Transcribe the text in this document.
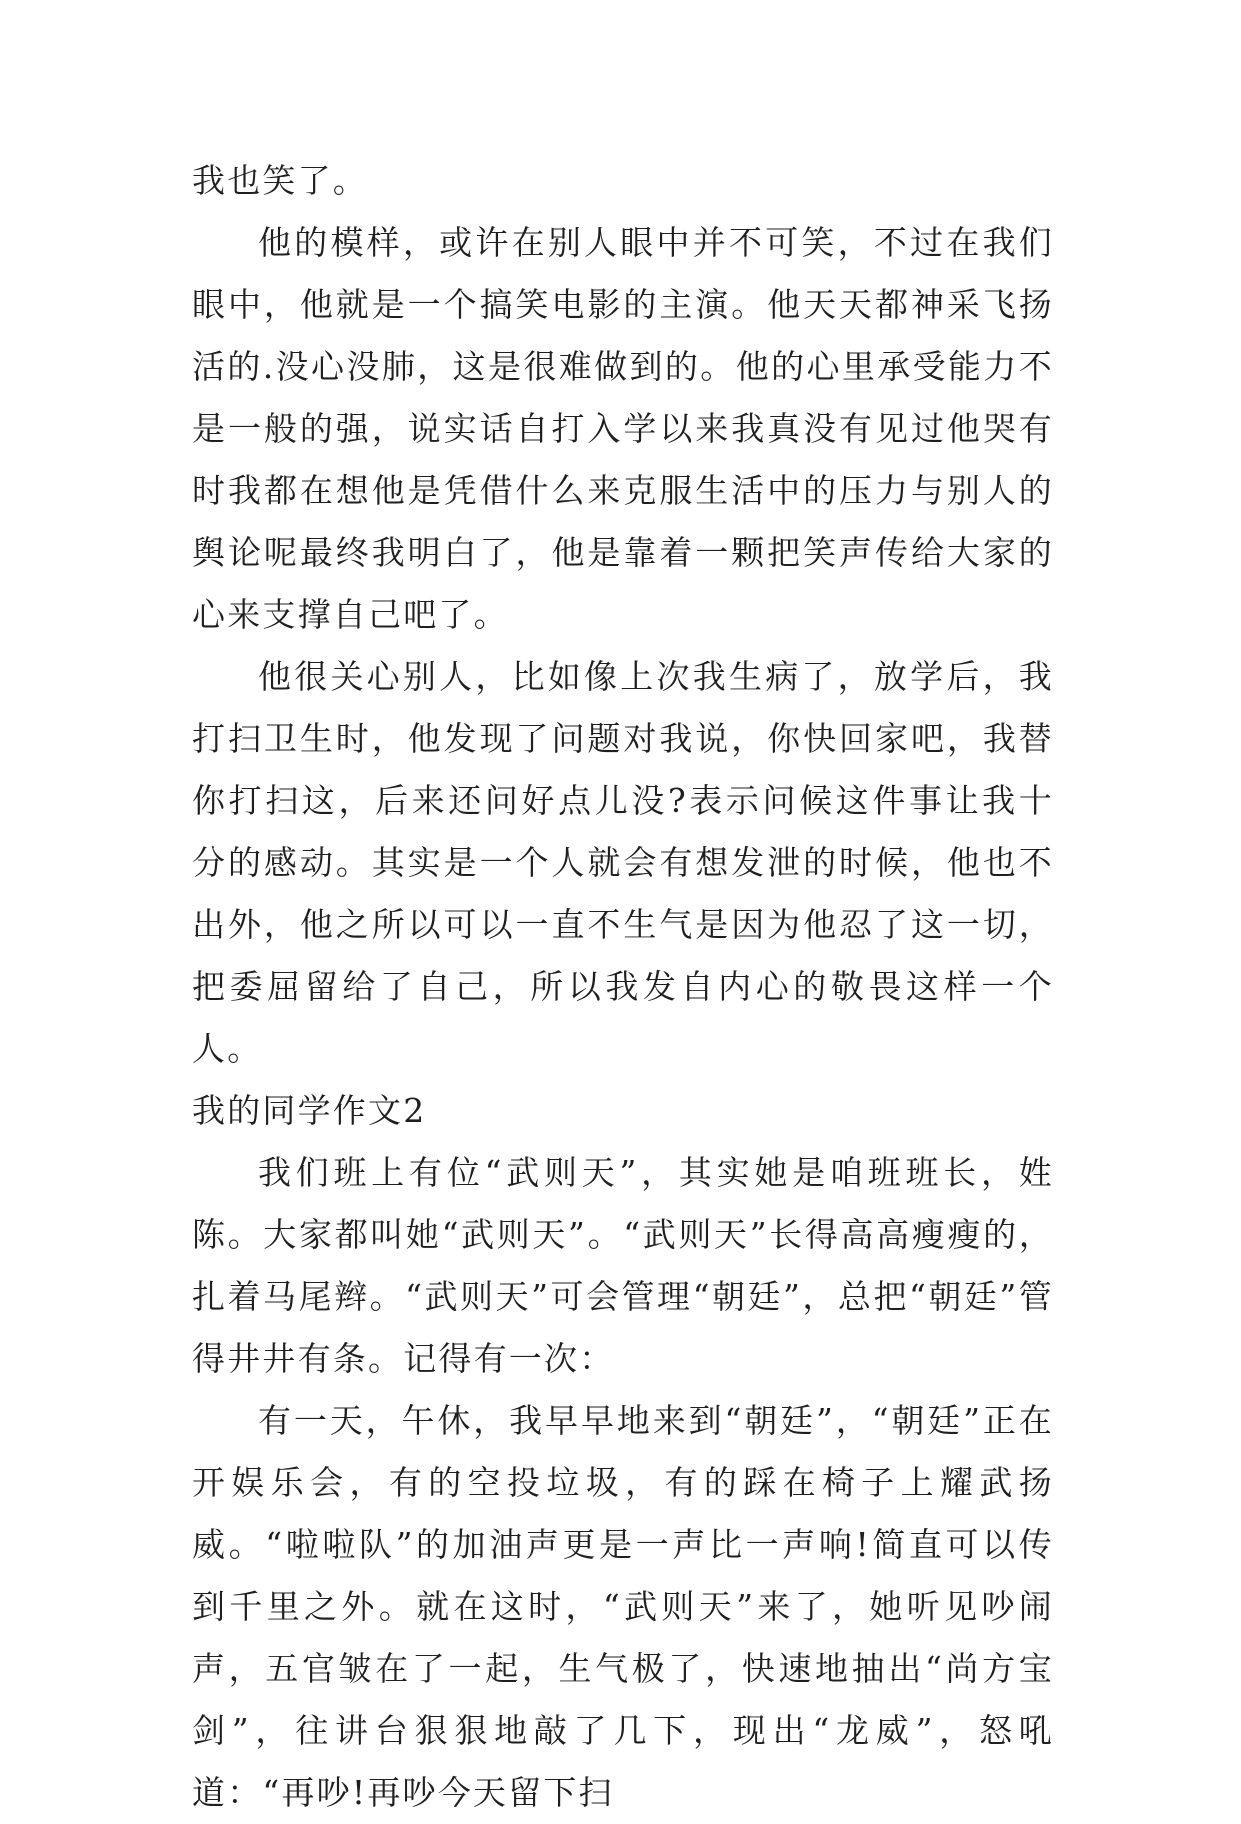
我也笑了。

他的模样，或许在别人眼中并不可笑，不过在我们眼中，他就是一个搞笑电影的主演。他天天都神采飞扬活的.没心没肺，这是很难做到的。他的心里承受能力不是一般的强，说实话自打入学以来我真没有见过他哭有时我都在想他是凭借什么来克服生活中的压力与别人的舆论呢最终我明白了，他是靠着一颗把笑声传给大家的心来支撑自己吧了。

他很关心别人，比如像上次我生病了，放学后，我打扫卫生时，他发现了问题对我说，你快回家吧，我替你打扫这，后来还问好点儿没?表示问候这件事让我十分的感动。其实是一个人就会有想发泄的时候，他也不出外，他之所以可以一直不生气是因为他忍了这一切，把委屈留给了自己，所以我发自内心的敬畏这样一个人。

我的同学作文2

我们班上有位“武则天”，其实她是咱班班长，姓陈。大家都叫她“武则天”。“武则天”长得高高瘦瘦的，扎着马尾辫。“武则天”可会管理“朝廷”，总把“朝廷”管得井井有条。记得有一次：

有一天，午休，我早早地来到“朝廷”，“朝廷”正在开娱乐会，有的空投垃圾，有的踩在椅子上耀武扬威。“啦啦队”的加油声更是一声比一声响!简直可以传到千里之外。就在这时，“武则天”来了，她听见吵闹声，五官皱在了一起，生气极了，快速地抽出“尚方宝剑”，往讲台狠狠地敲了几下，现出“龙威”，怒吼道：“再吵!再吵今天留下扫
